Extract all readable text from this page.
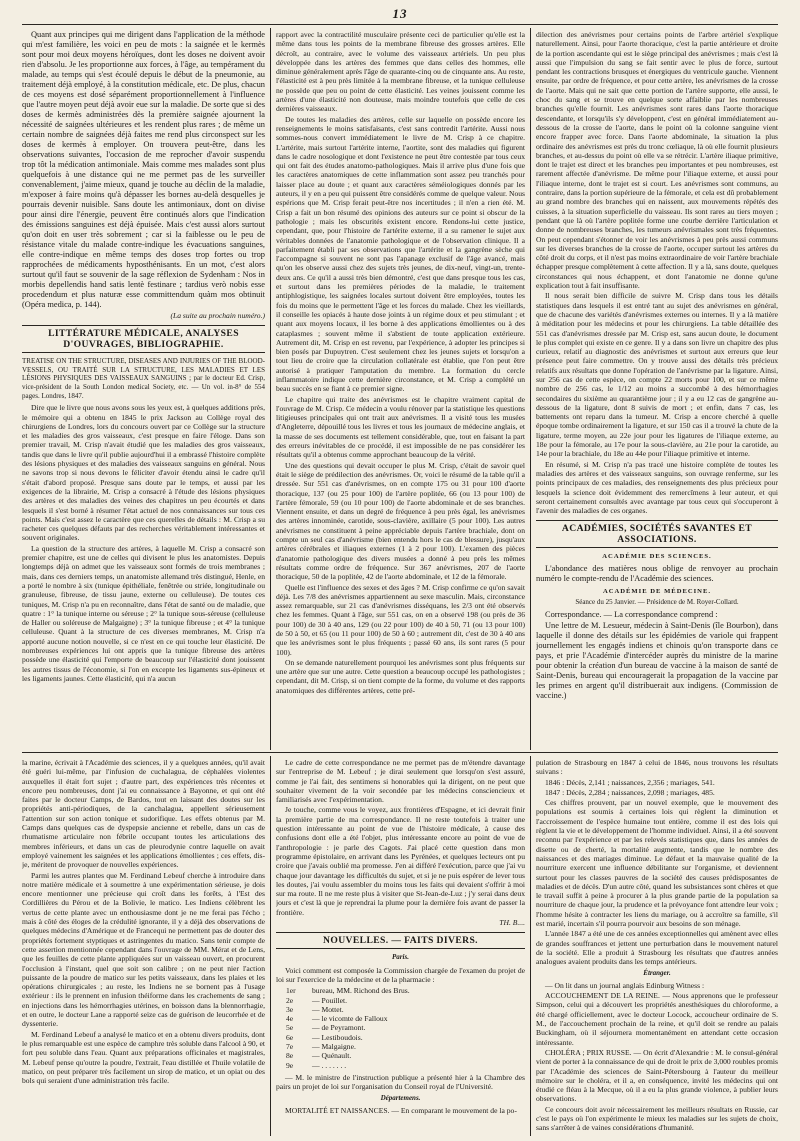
13

Quant aux principes qui me dirigent dans l'application de la méthode qui m'est familière, les voici en peu de mots : la saignée et le kermès sont pour moi deux moyens héroïques, dont les doses ne doivent avoir rien d'absolu. Je les proportionne aux forces, à l'âge, au tempérament du malade, au temps qui s'est écoulé depuis le début de la pneumonie, au traitement déjà employé, à la constitution médicale, etc. De plus, chacun de ces moyens est dosé séparément proportionnellement à l'influence que l'autre moyen peut déjà avoir eue sur la maladie. De sorte que si des doses de kermès administrées dès la première saignée ajournent la nécessité de saignées ultérieures et les rendent plus rares ; de même un certain nombre de saignées déjà faites me rend plus circonspect sur les doses de kermès à employer. On trouvera peut-être, dans les observations suivantes, l'occasion de me reprocher d'avoir suspendu trop tôt la médication antimoniale. Mais comme mes malades sont plus quelquefois à une distance qui ne me permet pas de les surveiller convenablement, j'aime mieux, quand je touche au déclin de la maladie, m'exposer à faire moins qu'à dépasser les bornes au-delà desquelles je pourrais devenir nuisible. Sans doute les antimoniaux, dont on divise pour ainsi dire l'énergie, peuvent être continués alors que l'indication des émissions sanguines est déjà épuisée. Mais c'est aussi alors surtout qu'on doit en user très sobrement ; car si la faiblesse ou le peu de résistance vitale du malade contre-indique les évacuations sanguines, elle contre-indique en même temps des doses trop fortes ou trop rapprochées de médicaments hyposthénisants. En un mot, c'est alors surtout qu'il faut se souvenir de la sage réflexion de Sydenham : Nos in morbis depellendis hand satis lentè festinare ; tardius verò nobis esse procedendum et plus naturæ esse committendum quàm mos obtinuit (Opéra medica, p. 144).

(La suite au prochain numéro.)
LITTÉRATURE MÉDICALE, ANALYSES D'OUVRAGES, BIBLIOGRAPHIE.
TREATISE ON THE STRUCTURE, DISEASES AND INJURIES OF THE BLOOD-VESSELS, OU TRAITÉ SUR LA STRUCTURE, LES MALADIES ET LES LÉSIONS PHYSIQUES DES VAISSEAUX SANGUINS ; par le docteur Ed. Crisp, vice-président de la South London medical Society, etc. — Un vol. in-8° de 554 pages. Londres, 1847.

Dire que le livre que nous avons sous les yeux est, à quelques additions près, le mémoire qui a obtenu en 1845 le prix Jackson au Collège royal des chirurgiens de Londres, lors du concours ouvert par ce Collège sur la structure et les maladies des gros vaisseaux, c'est presque en faire l'éloge. Dans son premier travail, M. Crisp n'avait étudié que les maladies des gros vaisseaux, tandis que dans le livre qu'il publie aujourd'hui il a embrassé l'histoire complète des lésions physiques et des maladies des vaisseaux sanguins en général. Nous ne savons trop si nous devons le féliciter d'avoir étendu ainsi le cadre qu'il s'était d'abord proposé. Presque sans doute par le temps, et aussi par les exigences de la librairie, M. Crisp a consacré à l'étude des lésions physiques des artères et des maladies des veines des chapitres un peu écourtés et dans lesquels il s'est borné à résumer l'état actuel de nos connaissances sur tous ces points. Mais c'est assez le caractère que ces querelles de détails : M. Crisp a su racheter ces quelques défauts par des recherches véritablement intéressantes et souvent originales.

La question de la structure des artères, à laquelle M. Crisp a consacré son premier chapitre, est une de celles qui divisent le plus les anatomistes. Depuis longtemps déjà on admet que les vaisseaux sont formés de trois membranes ; mais, dans ces derniers temps, un anatomiste allemand très distingué, Henle, en a porté le nombre à six (tunique épithéliale, fenêtrée ou striée, longitudinale ou granuleuse, fibreuse, de tissu jaune, externe ou celluleuse). De toutes ces tuniques, M. Crisp n'a pu en reconnaître, dans l'état de santé ou de maladie, que quatre : 1° la tunique interne ou séreuse ; 2° la tunique sous-séreuse (celluleuse de Haller ou soléreuse de Malgaigne) ; 3° la tunique fibreuse ; et 4° la tunique celluleuse. Quant à la structure de ces diverses membranes, M. Crisp n'a apporté aucune notion nouvelle, si ce n'est en ce qui touche leur élasticité. De nombreuses expériences lui ont appris que la tunique fibreuse des artères possède une élasticité qui l'emporte de beaucoup sur l'élasticité dont jouissent les autres tissus de l'économie, si l'on en excepte les ligaments sus-épineux et les ligaments jaunes. Cette élasticité, qui n'a aucun

rapport avec la contractilité musculaire présente ceci de particulier qu'elle est la même dans tous les points de la membrane fibreuse des grosses artères. Elle décroît, au contraire, avec le volume des vaisseaux artériels. Un peu plus développée dans les artères des femmes que dans celles des hommes, elle diminue généralement après l'âge de quarante-cinq ou de cinquante ans. Au reste, l'élasticité est à peu près limitée à la membrane fibreuse, et la tunique celluleuse ne possède que peu ou point de cette élasticité. Les veines jouissent comme les artères d'une élasticité non douteuse, mais moindre toutefois que celle de ces dernières vaisseaux.

De toutes les maladies des artères, celle sur laquelle on possède encore les renseignements le moins satisfaisants, c'est sans contredit l'artérite. Aussi nous sommes-nous convert immédiatement le livre de M. Crisp à ce chapitre. L'artérite, mais surtout l'artérite interne, l'aortite, sont des maladies qui figurent dans le cadre nosologique et dont l'existence ne peut être contestée par tous ceux qui ont fait des études anatomo-pathologiques. Mais il arrive plus d'une fois que les caractères anatomiques de cette inflammation sont assez peu tranchés pour laisser place au doute ; et quant aux caractères séméiologiques donnés par les auteurs, il y en a peu qui puissent être considérés comme de quelque valeur. Nous espérions que M. Crisp ferait peut-être nos incertitudes ; il n'en a rien été. M. Crisp a fait un bon résumé des opinions des auteurs sur ce point si obscur de la pathologie ; mais les obscurités existent encore. Rendons-lui cette justice, cependant, que, pour l'histoire de l'artérite externe, il a su ramener le sujet aux véritables données de l'anatomie pathologique et de l'observation clinique. Il a parfaitement établi par ses observations que l'artérite et la gangrène sèche qui l'accompagne si souvent ne sont pas l'apanage exclusif de l'âge avancé, mais qu'on les observe aussi chez des sujets très jeunes, de dix-neuf, vingt-un, trente-deux ans. Ce qu'il a aussi très bien démontré, c'est que dans presque tous les cas, et surtout dans les premières périodes de la maladie, le traitement antiphlogistique, les saignées locales surtout doivent être employées, toutes les fois du moins que le permettent l'âge et les forces du malade. Chez les vieillards, il conseille les opiacés à haute dose joints à un régime doux et peu stimulant ; et quant aux moyens locaux, il les borne à des applications émollientes ou à des cataplasmes ; souvent même il s'abstient de toute application extérieure. Autrement dit, M. Crisp en est revenu, par l'expérience, à adopter les principes si bien posés par Dupuytren. C'est seulement chez les jeunes sujets et lorsqu'on a tout lieu de croire que la circulation collatérale est établie, que l'on peut être autorisé à pratiquer l'amputation du membre. La formation du cercle inflammatoire indique cette dernière circonstance, et M. Crisp a complété un beau succès en se fiant à ce premier signe.

Le chapitre qui traite des anévrismes est le chapitre vraiment capital de l'ouvrage de M. Crisp. Ce médecin a voulu rénover par la statistique les questions litigieuses principales qui ont trait aux anévrismes. Il a visité tous les musées d'Angleterre, dépouillé tous les livres et tous les journaux de médecine anglais, et la masse de ses documents est tellement considérable, que, tout en faisant la part des erreurs inévitables de ce procédé, il est impossible de ne pas considérer les résultats qu'il a obtenus comme approchant beaucoup de la vérité.

Une des questions qui devait occuper le plus M. Crisp, c'était de savoir quel était le siège de prédilection des anévrismes. Or, voici le résumé de la table qu'il a dressée. Sur 551 cas d'anévrismes, on en compte 175 ou 31 pour 100 d'aorte thoracique, 137 (ou 25 pour 100) de l'artère poplitée, 66 (ou 13 pour 100) de l'artère fémorale, 59 (ou 10 pour 100) de l'aorte abdominale et de ses branches. Viennent ensuite, et dans un degré de fréquence à peu près égal, les anévrismes des artères innominée, carotide, sous-clavière, axillaire (5 pour 100). Les autres anévrismes ne constituent à peine appréciable depuis l'artère brachiale, dont on compte un seul cas d'anévrisme (bien entendu hors le cas de blessure), jusqu'aux artères cérébrales et iliaques externes (1 à 2 pour 100). L'examen des pièces d'anatomie pathologique des divers musées a donné à peu près les mêmes résultats comme ordre de fréquence. Sur 367 anévrismes, 207 de l'aorte thoracique, 50 de la poplitée, 42 de l'aorte abdominale, et 12 de la fémorale.

Quelle est l'influence des sexes et des âges ? M. Crisp confirme ce qu'on savait déjà. Les 7/8 des anévrismes appartiennent au sexe masculin. Mais, circonstance assez remarquable, sur 21 cas d'anévrismes disséquans, les 2/3 ont été observés chez les femmes. Quant à l'âge, sur 551 cas, on en a observé 198 (ou près de 36 pour 100) de 30 à 40 ans, 129 (ou 22 pour 100) de 40 à 50, 71 (ou 13 pour 100) de 50 à 50, et 65 (ou 11 pour 100) de 50 à 60 ; autrement dit, c'est de 30 à 40 ans que les anévrismes sont le plus fréquents ; passé 60 ans, ils sont rares (5 pour 100).

On se demande naturellement pourquoi les anévrismes sont plus fréquents sur une artère que sur une autre. Cette question a beaucoup occupé les pathologistes ; cependant, dit M. Crisp, si on tient compte de la forme, du volume et des rapports anatomiques des différentes artères, cette pré-

dilection des anévrismes pour certains points de l'arbre artériel s'explique naturellement. Ainsi, pour l'aorte thoracique, c'est la partie antérieure et droite de la portion ascendante qui est le siège principal des anévrismes ; mais c'est là aussi que l'impulsion du sang se fait sentir avec le plus de force, surtout pendant les contractions brusques et énergiques du ventricule gauche. Viennent ensuite, par ordre de fréquence, et pour cette artère, les anévrismes de la crosse de l'aorte. Mais qui ne sait que cette portion de l'artère supporte, elle aussi, le choc du sang et se trouve en quelque sorte affaiblie par les nombreuses branches qu'elle fournit. Les anévrismes sont rares dans l'aorte thoracique descendante, et lorsqu'ils s'y développent, c'est en général immédiatement au-dessous de la crosse de l'aorte, dans le point où la colonne sanguine vient encore frapper avec force. Dans l'aorte abdominale, la situation la plus ordinaire des anévrismes est près du tronc cœliaque, là où elle fournit plusieurs branches, et au-dessus du point où elle va se rétrécir. L'artère iliaque primitive, dont le trajet est direct et les branches peu importantes et peu nombreuses, est rarement affectée d'anévrisme. De même pour l'iliaque externe, et aussi pour l'iliaque interne, dont le trajet est si court. Les anévrismes sont communs, au contraire, dans la portion supérieure de la fémorale, et cela est dû probablement au grand nombre des branches qui en naissent, aux mouvements répétés des cuisses, à la situation superficielle du vaisseau. Ils sont rares au tiers moyen ; pendant que là où l'artère poplitée forme une courbe derrière l'articulation et donne de nombreuses branches, les tumeurs anévrismales sont très fréquentes. On peut cependant s'étonner de voir les anévrismes à peu près aussi communs sur les diverses branches de la crosse de l'aorte, occuper surtout les artères du côté droit du corps, et il n'est pas moins extraordinaire de voir l'artère brachiale échapper presque complètement à cette affection. Il y a là, sans doute, quelques circonstances qui nous échappent, et dont l'anatomie ne donne qu'une explication tout à fait insuffisante.

Il nous serait bien difficile de suivre M. Crisp dans tous les détails statistiques dans lesquels il est entré tant au sujet des anévrismes en général, que de chacune des variétés d'anévrismes externes ou internes. Il y a là matière à méditation pour les médecins et pour les chirurgiens. La table détaillée des 551 cas d'anévrismes dressée par M. Crisp est, sans aucun doute, le document le plus complet qui existe en ce genre. Il y a dans son livre un chapitre des plus curieux, relatif au diagnostic des anévrismes et surtout aux erreurs que leur présence peut faire commettre. On y trouve aussi des détails très précieux relatifs aux résultats que donne l'opération de l'anévrisme par la ligature. Ainsi, sur 256 cas de cette espèce, on compte 22 morts pour 100, et sur ce même nombre de 256 cas, le 1/12 au moins a succombé à des hémorrhagies secondaires du sixième au quarantième jour ; il y a eu 12 cas de gangrène au-dessous de la ligature, dont 8 suivis de mort ; et enfin, dans 7 cas, les battements ont reparu dans la tumeur. M. Crisp a encore cherché à quelle époque tombe ordinairement la ligature, et sur 150 cas il a trouvé la chute de la ligature, terme moyen, au 22e jour pour les ligatures de l'iliaque externe, au 18e pour la fémorale, au 17e pour la sous-clavière, au 21e pour la carotide, au 14e pour la brachiale, du 18e au 44e pour l'iliaque primitive et interne.

En résumé, si M. Crisp n'a pas tracé une histoire complète de toutes les maladies des artères et des vaisseaux sanguins, son ouvrage renferme, sur les points principaux de ces maladies, des renseignements des plus précieux pour lesquels la science doit évidemment des remercîmens à leur auteur, et qui seront certainement consultés avec avantage par tous ceux qui s'occuperont à l'avenir des maladies de ces organes.

ACADÉMIES, SOCIÉTÉS SAVANTES ET ASSOCIATIONS.
ACADÉMIE DES SCIENCES.

L'abondance des matières nous oblige de renvoyer au prochain numéro le compte-rendu de l'Académie des sciences.

ACADÉMIE DE MÉDECINE.
Séance du 25 Janvier. — Présidence de M. Royer-Collard.

Correspondance. — La correspondance comprend :

Une lettre de M. Lesueur, médecin à Saint-Denis (île Bourbon), dans laquelle il donne des détails sur les épidémies de variole qui frappent journellement les engagés indiens et chinois qu'on transporte dans ce pays, et prie l'Académie d'intercéder auprès du ministre de la marine pour obtenir la création d'un bureau de vaccine à la maison de santé de Saint-Denis, bureau qui encouragerait la propagation de la vaccine par les primes en argent qu'il distribuerait aux indigens. (Commission de vaccine.)

la marine, écrivait à l'Académie des sciences, il y a quelques années, qu'il avait été guéri lui-même, par l'infusion de cuchalagua, de céphalées violentes auxquelles il était fort sujet ; d'autre part, des expériences très récentes et encore peu nombreuses, dont j'ai eu connaissance à Bayonne, et qui ont été faites par le docteur Camps, de Bardos, tout en laissant des doutes sur les propriétés anti-périodiques, de la canchalagua, appellent sérieusement l'attention sur son action tonique et sudorifique. Les effets obtenus par M. Camps dans quelques cas de dyspepsie ancienne et rebelle, dans un cas de rhumatisme articulaire non fébrile occupant toutes les articulations des membres inférieurs, et dans un cas de pleurodynie contre laquelle on avait employé vainement les saignées et les applications émollientes ; ces effets, dis-je, méritent de provoquer de nouvelles expériences.

Parmi les autres plantes que M. Ferdinand Lebeuf cherche à introduire dans notre matière médicale et à soumettre à une expérimentation sérieuse, je dois encore mentionner une précieuse qui croît dans les forêts, à l'Est des Cordillières du Pérou et de la Bolivie, le matico. Les Indiens célèbrent les vertus de cette plante avec un enthousiasme dont je ne me ferai pas l'écho ; mais à côté des éloges de la crédulité ignorante, il y a déjà des observations de quelques médecins d'Amérique et de Francequi ne permettent pas de douter des propriétés fortement styptiques et astringentes du matico. Sans tenir compte de cette assertion mentionnée cependant dans l'ouvrage de MM. Mérat et de Lens, que les feuilles de cette plante appliquées sur un vaisseau ouvert, en procurent l'occlusion à l'instant, quel que soit son calibre ; on ne peut nier l'action puissante de la poudre de matico sur les petits vaisseaux, dans les plaies et les opérations chirurgicales ; au reste, les Indiens ne se bornent pas à l'usage extérieur : ils le prennent en infusion théiforme dans les crachements de sang ; en injections dans les hémorrhagies utérines, en boisson dans la blennorrhagie, et en outre, le docteur Lane a rapporté seize cas de guérison de leucorrhée et de dyssenterie.

M. Ferdinand Lebeuf a analysé le matico et en a obtenu divers produits, dont le plus remarquable est une espèce de camphre très soluble dans l'alcool à 90, et fort peu soluble dans l'eau. Quant aux préparations officinales et magistrales, M. Lebeuf pense qu'outre la poudre, l'extrait, l'eau distillée et l'huile volatile de matico, on peut préparer très facilement un sirop de matico, et un opiat ou des bols qui seraient d'une administration très facile.

Le cadre de cette correspondance ne me permet pas de m'étendre davantage sur l'entreprise de M. Lebeuf ; je dirai seulement que lorsqu'on s'est assuré, comme je l'ai fait, des sentimens si honorables qui la dirigent, on ne peut que souhaiter vivement de la voir secondée par les médecins consciencieux et familiarisés avec l'expérimentation.

Je touche, comme vous le voyez, aux frontières d'Espagne, et ici devrait finir la première partie de ma correspondance. Il ne reste toutefois à traiter une question intéressante au point de vue de l'histoire médicale, à cause des confusions dont elle a été l'objet, plus intéressante encore au point de vue de l'anthropologie : je parle des Cagots. J'ai placé cette question dans mon programme épistolaire, en arrivant dans les Pyrénées, et quelques lecteurs ont pu croire que j'avais oublié ma promesse. J'en ai différé l'exécution, parce que j'ai vu chaque jour davantage les difficultés du sujet, et si je ne puis espérer de lever tous les doutes, j'ai voulu assembler du moins tous les faits qui devaient s'offrir à moi sur ma route. Il ne me reste plus à visiter que St-Jean-de-Luz ; j'y serai dans deux jours et c'est là que je reprendrai la plume pour la dernière fois avant de passer la frontière.

TH. B....
NOUVELLES. — FAITS DIVERS.
Paris.

Voici comment est composée la Commission chargée de l'examen du projet de loi sur l'exercice de la médecine et de la pharmacie :

1er bureau, MM. Richond des Brus.
2e — Pouillet.
3e — Mottet.
4e — le vicomte de Falloux
5e — de Peyramont.
6e — Lestiboudois.
7e — Malgaigne.
8e — Quénault.
9e — . . . . . . .

— M. le ministre de l'instruction publique a présenté hier à la Chambre des pairs un projet de loi sur l'organisation du Conseil royal de l'Université.

Départemens.

MORTALITÉ ET NAISSANCES. — En comparant le mouvement de la po-

pulation de Strasbourg en 1847 à celui de 1846, nous trouvons les résultats suivans :

1846 : Décès, 2,141 ; naissances, 2,356 ; mariages, 541.

1847 : Décès, 2,284 ; naissances, 2,098 ; mariages, 485.

Ces chiffres prouvent, par un nouvel exemple, que le mouvement des populations est soumis à certaines lois qui règlent la diminution et l'accroissement de l'espèce humaine tout entière, comme il est des lois qui règlent la vie et le développement de l'homme individuel. Ainsi, il a été souvent reconnu par l'expérience et par les relevés statistiques que, dans les années de disette ou de cherté, la mortalité augmente, tandis que le nombre des naissances et des mariages diminue. Le défaut et la mauvaise qualité de la nourriture exercent une influence débilitante sur l'organisme, et deviennent surtout pour les classes pauvres de la société des causes prédisposantes de maladies et de décès. D'un autre côté, quand les subsistances sont chères et que le travail suffit à peine à procurer à la plus grande partie de la population sa nourriture de chaque jour, la prudence et la prévoyance font attendre leur voix ; l'homme hésite à contracter les liens du mariage, ou à accroître sa famille, s'il est marié, incertain s'il pourra pourvoir aux besoins de son ménage.

L'année 1847 a été une de ces années exceptionnelles qui amènent avec elles de grandes souffrances et jettent une perturbation dans le mouvement naturel de la société. Elle a produit à Strasbourg les résultats que d'autres années analogues avaient produits dans les temps antérieurs.

Étranger.

— On lit dans un journal anglais Edinburg Witness :

ACCOUCHEMENT DE LA REINE. — Nous apprenons que le professeur Simpson, celui qui a découvert les propriétés anesthésiques du chloroforme, a été chargé officiellement, avec le docteur Locock, accoucheur ordinaire de S. M., de l'accouchement prochain de la reine, et qu'il doit se rendre au palais Buckingham, où il séjournera momentanément en attendant cette occasion intéressante.

CHOLÉRA ; PRIX RUSSE. — On écrit d'Alexandrie : M. le consul-général vient de porter à la connaissance de qui de droit le prix de 3,000 roubles promis par l'Académie des sciences de Saint-Pétersbourg à l'auteur du meilleur mémoire sur le choléra, et il a, en conséquence, invité les médecins qui ont étudié ce fléau à la Mecque, où il a eu la plus grande violence, à publier leurs observations.

Ce concours doit avoir nécessairement les meilleurs résultats en Russie, car c'est le pays où l'on expérimente le mieux les maladies sur les sujets de choix, sans s'arrêter à de vaines considérations d'humanité.
